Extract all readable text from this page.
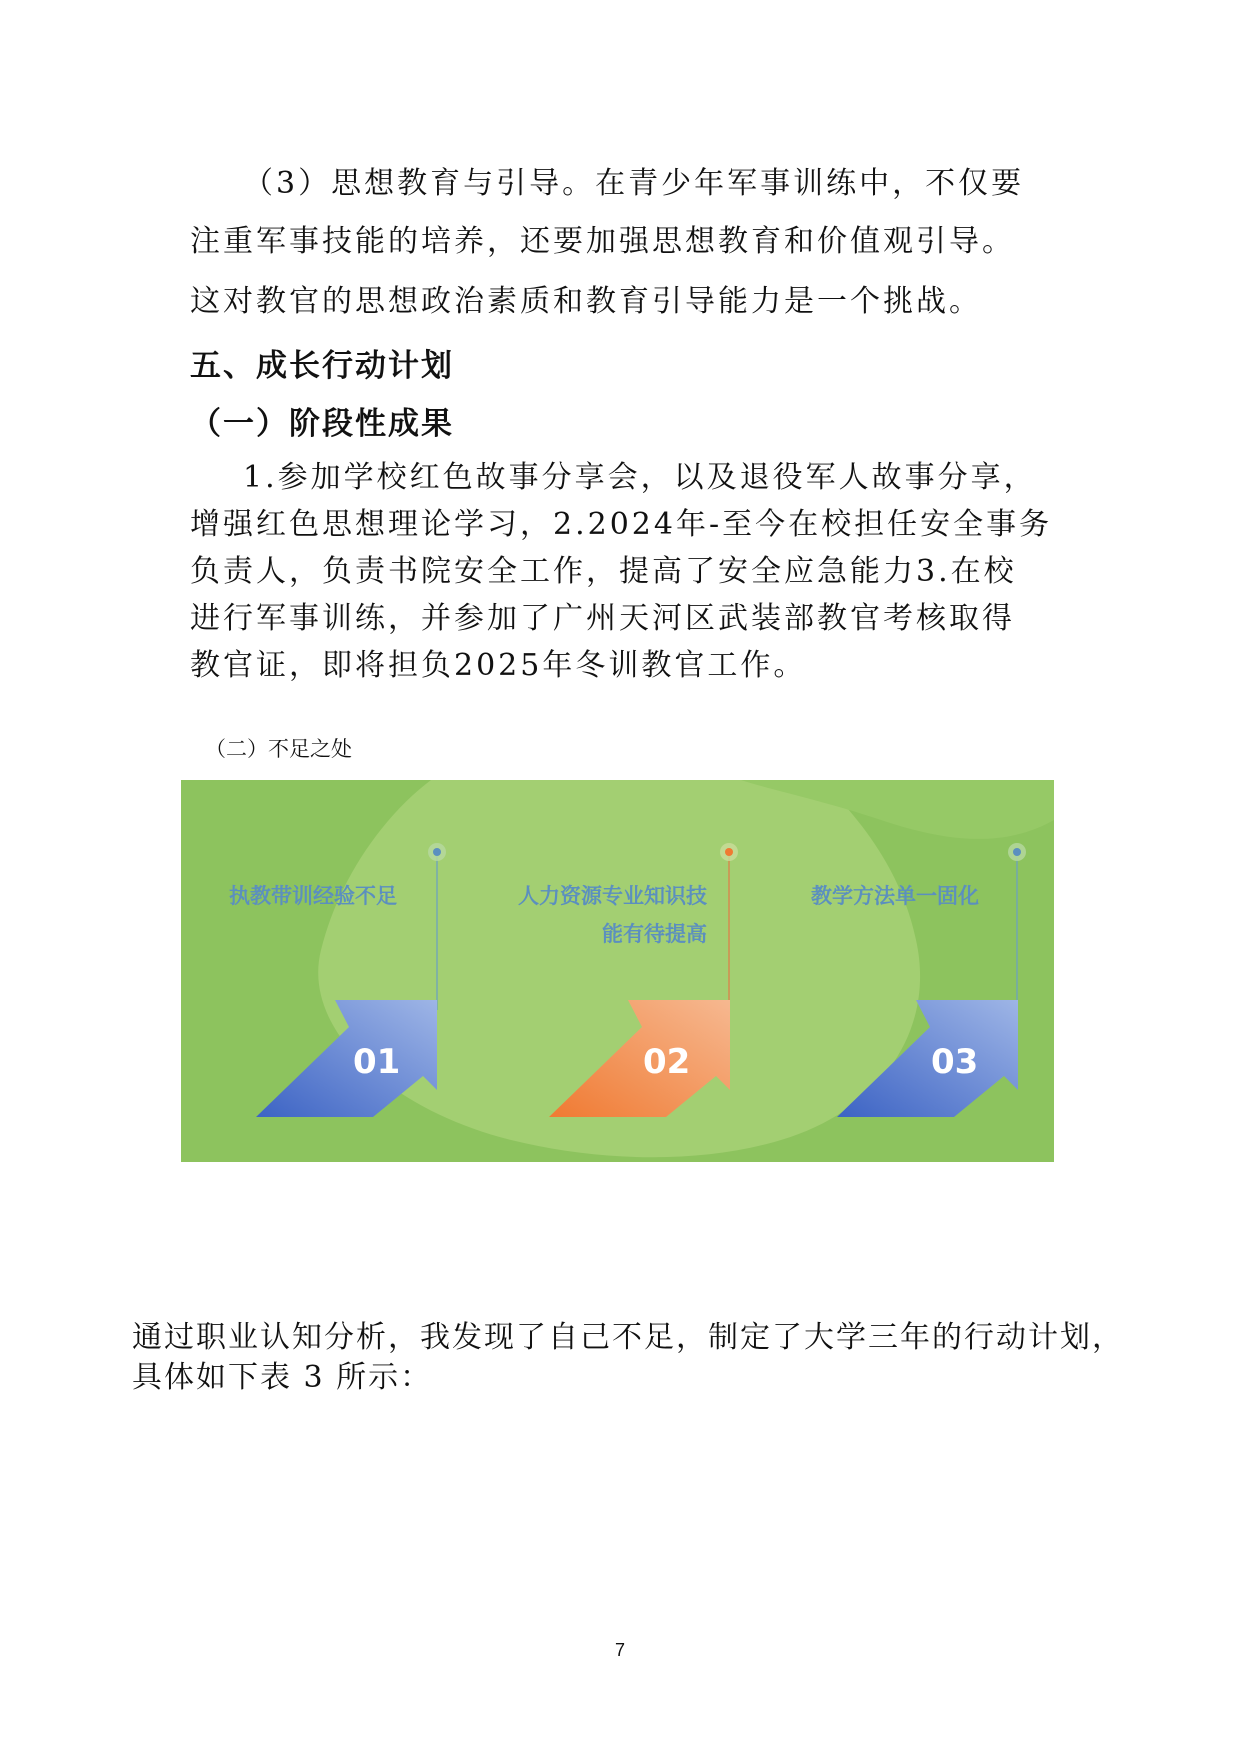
（3）思想教育与引导。在青少年军事训练中，不仅要
注重军事技能的培养，还要加强思想教育和价值观引导。
这对教官的思想政治素质和教育引导能力是一个挑战。
五、成长行动计划
（一）阶段性成果
1.参加学校红色故事分享会，以及退役军人故事分享，
增强红色思想理论学习，2.2024年-至今在校担任安全事务
负责人，负责书院安全工作，提高了安全应急能力3.在校
进行军事训练，并参加了广州天河区武装部教官考核取得
教官证，即将担负2025年冬训教官工作。
（二）不足之处
执教带训经验不足	人力资源专业知识技
能有待提高
教学方法单一固化
01	02	03
通过职业认知分析，我发现了自己不足，制定了大学三年的行动计划，
具体如下表 3 所示：
7
